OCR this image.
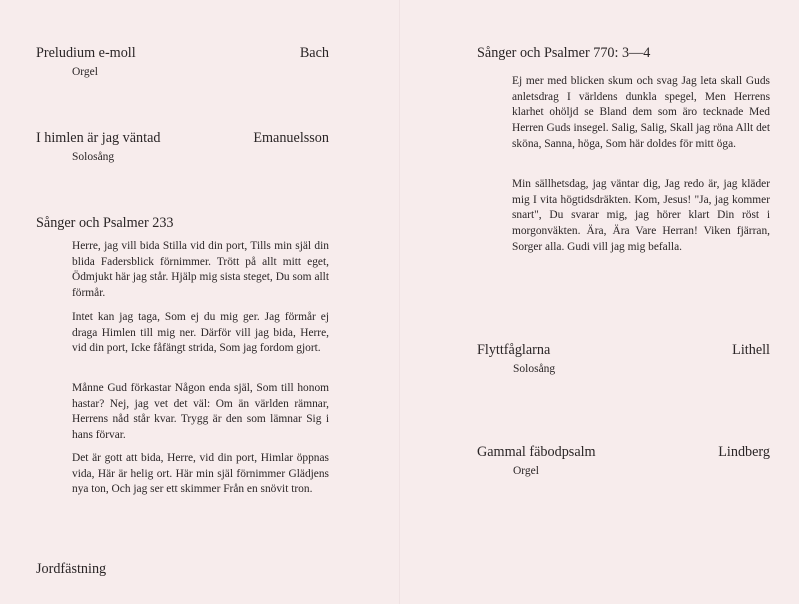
Preludium e-moll	Bach
Orgel
I himlen är jag väntad	Emanuelsson
Solosång
Sånger och Psalmer 233

Herre, jag vill bida Stilla vid din port, Tills min själ din blida Fadersblick förnimmer. Trött på allt mitt eget, Ödmjukt här jag står. Hjälp mig sista steget, Du som allt förmår.

Intet kan jag taga, Som ej du mig ger. Jag förmår ej draga Himlen till mig ner. Därför vill jag bida, Herre, vid din port, Icke fåfängt strida, Som jag fordom gjort.

Månne Gud förkastar Någon enda själ, Som till honom hastar? Nej, jag vet det väl: Om än världen rämnar, Herrens nåd står kvar. Trygg är den som lämnar Sig i hans förvar.

Det är gott att bida, Herre, vid din port, Himlar öppnas vida, Här är helig ort. Här min själ förnimmer Glädjens nya ton, Och jag ser ett skimmer Från en snövit tron.

Jordfästning
Sånger och Psalmer 770: 3—4

Ej mer med blicken skum och svag Jag leta skall Guds anletsdrag I världens dunkla spegel, Men Herrens klarhet ohöljd se Bland dem som äro tecknade Med Herren Guds insegel. Salig, Salig, Skall jag röna Allt det sköna, Sanna, höga, Som här doldes för mitt öga.

Min sällhetsdag, jag väntar dig, Jag redo är, jag kläder mig I vita högtidsdräkten. Kom, Jesus! "Ja, jag kommer snart", Du svarar mig, jag hörer klart Din röst i morgonväkten. Ära, Ära Vare Herran! Viken fjärran, Sorger alla. Gudi vill jag mig befalla.

Flyttfåglarna	Lithell
Solosång
Gammal fäbodpsalm	Lindberg
Orgel
